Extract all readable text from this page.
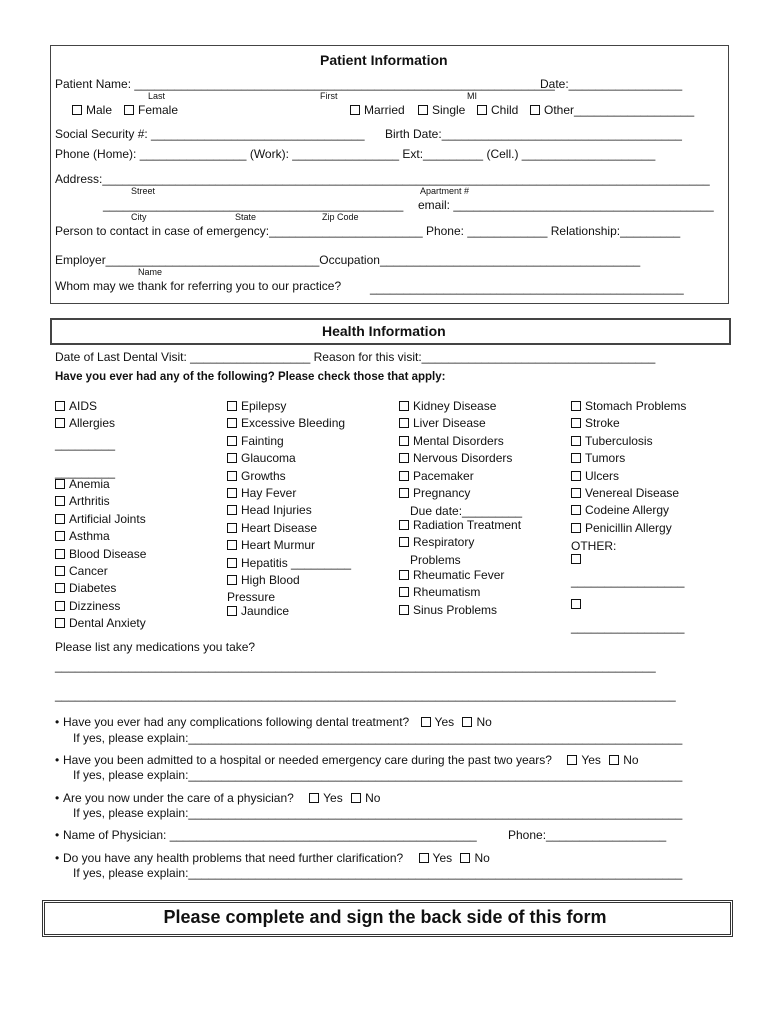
Patient Information
Patient Name: _______________________________________________________________
Date:_________________
Last	First	MI
Male	Female	Married	Single	Child	Other__________________
Social Security #: ________________________________ Birth Date:____________________________________
Phone (Home): ________________ (Work): ________________ Ext:_________ (Cell.) ____________________
Address:___________________________________________________________________________________________
Street	Apartment #
_____________________________________________ email: _______________________________________
City	State	Zip Code
Person to contact in case of emergency:_______________________ Phone: ____________ Relationship:_________
Employer________________________________Occupation_______________________________________
Name
Whom may we thank for referring you to our practice? _______________________________________________
Health Information
Date of Last Dental Visit: __________________ Reason for this visit:___________________________________
Have you ever had any of the following? Please check those that apply:
AIDS
Allergies
_________
_________
Anemia
Arthritis
Artificial Joints
Asthma
Blood Disease
Cancer
Diabetes
Dizziness
Dental Anxiety
Epilepsy
Excessive Bleeding
Fainting
Glaucoma
Growths
Hay Fever
Head Injuries
Heart Disease
Heart Murmur
Hepatitis _________
High Blood
Pressure
Jaundice
Kidney Disease
Liver Disease
Mental Disorders
Nervous Disorders
Pacemaker
Pregnancy
Due date:_________
Radiation Treatment
Respiratory
Problems
Rheumatic Fever
Rheumatism
Sinus Problems
Stomach Problems
Stroke
Tuberculosis
Tumors
Ulcers
Venereal Disease
Codeine Allergy
Penicillin Allergy
OTHER:
_________________
_________________
Please list any medications you take?
__________________________________________________________________________________________
_____________________________________________________________________________________________
• Have you ever had any complications following dental treatment? Yes No
If yes, please explain:__________________________________________________________________________
• Have you been admitted to a hospital or needed emergency care during the past two years? Yes No
If yes, please explain:__________________________________________________________________________
• Are you now under the care of a physician? Yes No
If yes, please explain:__________________________________________________________________________
• Name of Physician: ______________________________________________	Phone:__________________
• Do you have any health problems that need further clarification? Yes No
If yes, please explain:__________________________________________________________________________
Please complete and sign the back side of this form
